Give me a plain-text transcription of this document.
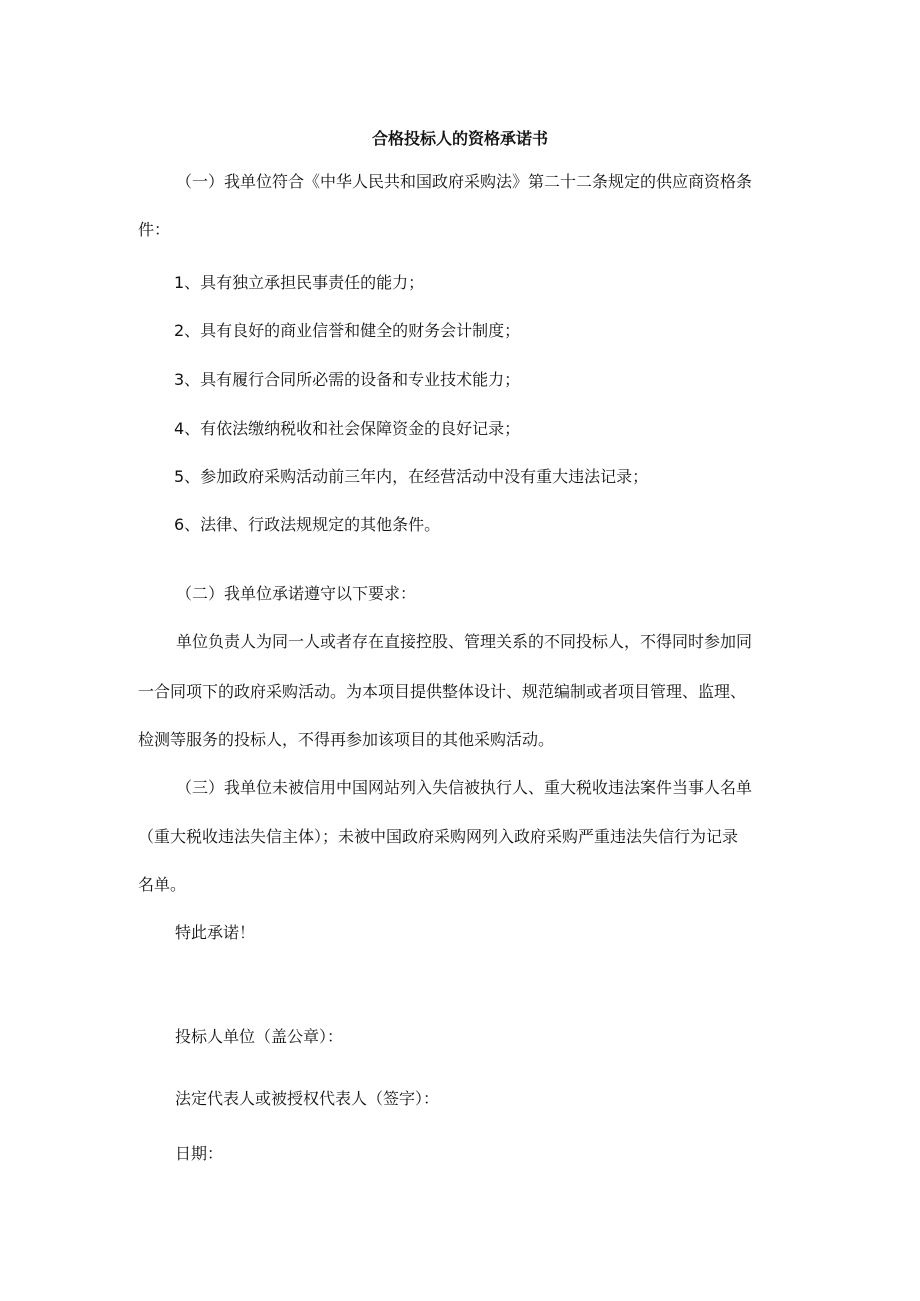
合格投标人的资格承诺书
（一）我单位符合《中华人民共和国政府采购法》第二十二条规定的供应商资格条
件：
1、具有独立承担民事责任的能力；
2、具有良好的商业信誉和健全的财务会计制度；
3、具有履行合同所必需的设备和专业技术能力；
4、有依法缴纳税收和社会保障资金的良好记录；
5、参加政府采购活动前三年内，在经营活动中没有重大违法记录；
6、法律、行政法规规定的其他条件。
（二）我单位承诺遵守以下要求：
单位负责人为同一人或者存在直接控股、管理关系的不同投标人，不得同时参加同
一合同项下的政府采购活动。为本项目提供整体设计、规范编制或者项目管理、监理、
检测等服务的投标人，不得再参加该项目的其他采购活动。
（三）我单位未被信用中国网站列入失信被执行人、重大税收违法案件当事人名单
（重大税收违法失信主体）；未被中国政府采购网列入政府采购严重违法失信行为记录
名单。
特此承诺！
投标人单位（盖公章）：
法定代表人或被授权代表人（签字）：
日期：
